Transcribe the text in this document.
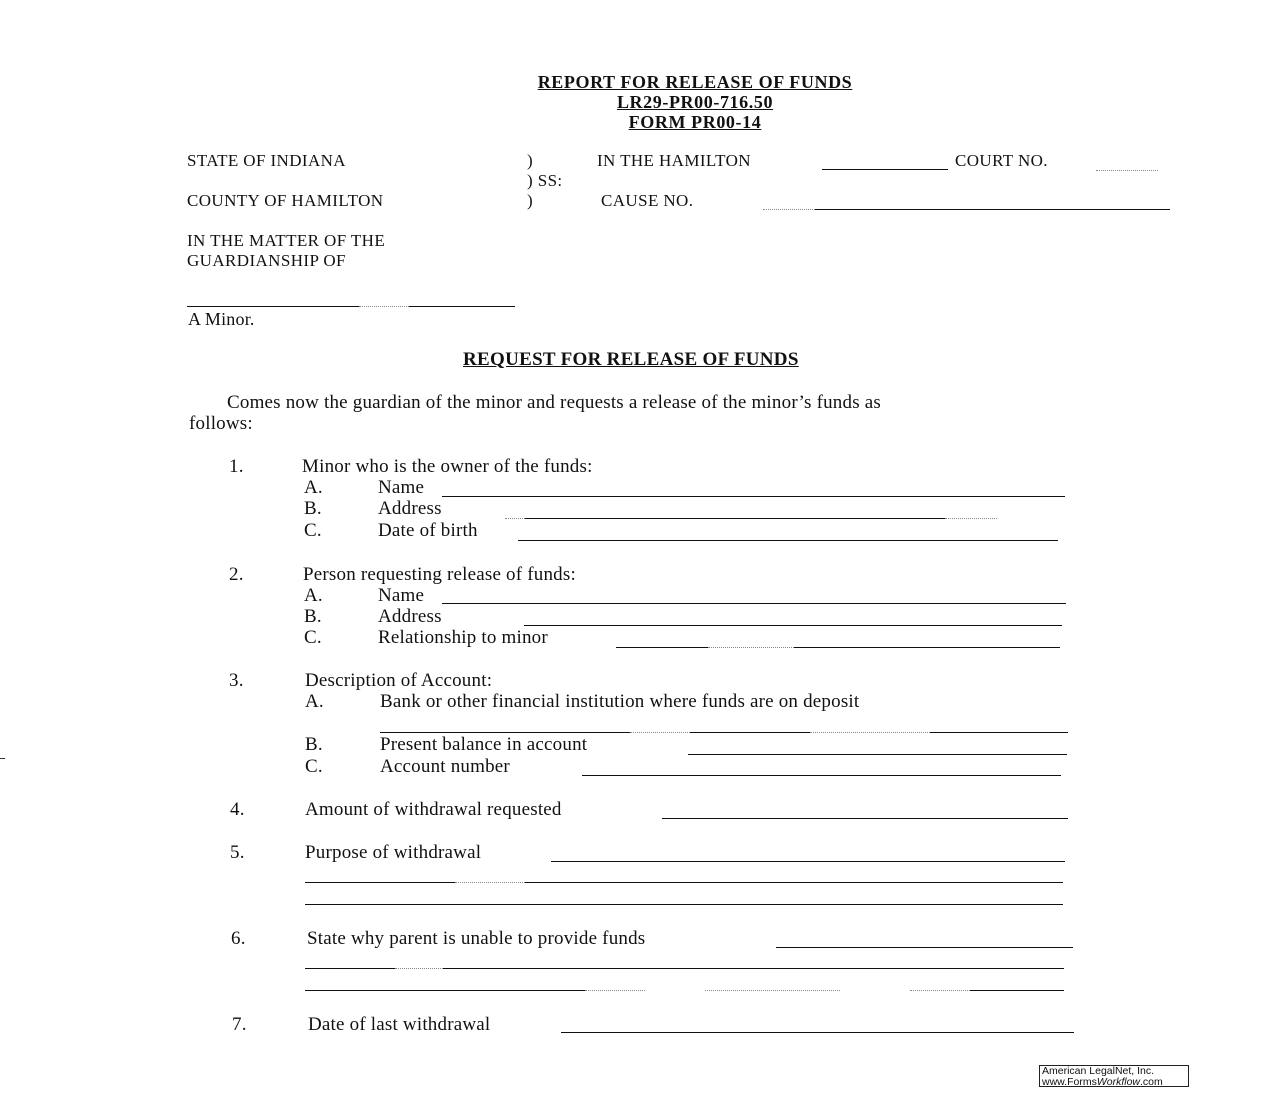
REPORT FOR RELEASE OF FUNDS
LR29-PR00-716.50
FORM PR00-14
STATE OF INDIANA	)
) SS:
)
COUNTY OF HAMILTON
IN THE HAMILTON	COURT NO.
CAUSE NO.
IN THE MATTER OF THE
GUARDIANSHIP OF
A Minor.
REQUEST FOR RELEASE OF FUNDS
Comes now the guardian of the minor and requests a release of the minor’s funds as
follows:
1.	Minor who is the owner of the funds:
A.	Name
B.	Address
C.	Date of birth
2.	Person requesting release of funds:
A.	Name
B.	Address
C.	Relationship to minor
3.	Description of Account:
A.	Bank or other financial institution where funds are on deposit
B.	Present balance in account
C.	Account number
4.	Amount of withdrawal requested
5.	Purpose of withdrawal
6.	State why parent is unable to provide funds
7.	Date of last withdrawal
American LegalNet, Inc.
www.FormsWorkflow.com
